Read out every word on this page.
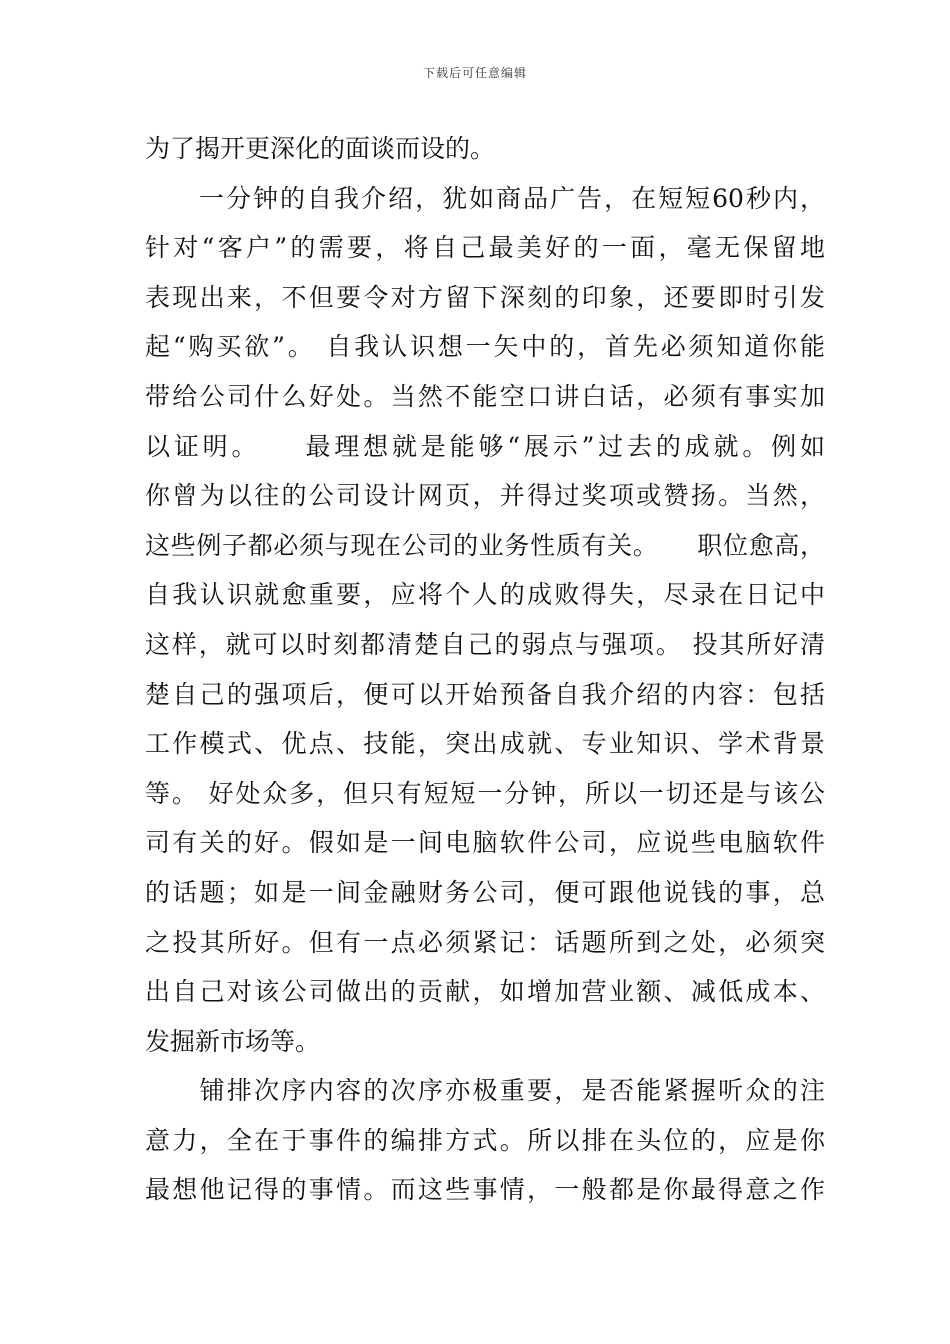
下载后可任意编辑
为了揭开更深化的面谈而设的。
　　一分钟的自我介绍，犹如商品广告，在短短60秒内，
针对“客户”的需要，将自己最美好的一面，毫无保留地
表现出来，不但要令对方留下深刻的印象，还要即时引发
起“购买欲”。 自我认识想一矢中的，首先必须知道你能
带给公司什么好处。当然不能空口讲白话，必须有事实加
以证明。　　最理想就是能够“展示”过去的成就。例如
你曾为以往的公司设计网页，并得过奖项或赞扬。当然，
这些例子都必须与现在公司的业务性质有关。　　职位愈高，
自我认识就愈重要，应将个人的成败得失，尽录在日记中
这样，就可以时刻都清楚自己的弱点与强项。 投其所好清
楚自己的强项后，便可以开始预备自我介绍的内容：包括
工作模式、优点、技能，突出成就、专业知识、学术背景
等。 好处众多，但只有短短一分钟，所以一切还是与该公
司有关的好。假如是一间电脑软件公司，应说些电脑软件
的话题；如是一间金融财务公司，便可跟他说钱的事，总
之投其所好。但有一点必须紧记：话题所到之处，必须突
出自己对该公司做出的贡献，如增加营业额、减低成本、
发掘新市场等。
　　铺排次序内容的次序亦极重要，是否能紧握听众的注
意力，全在于事件的编排方式。所以排在头位的，应是你
最想他记得的事情。而这些事情，一般都是你最得意之作
